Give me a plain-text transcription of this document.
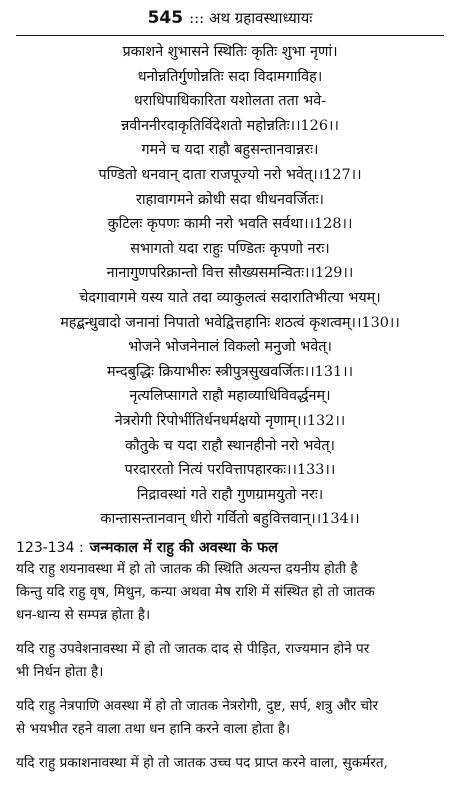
545 ::: अथ ग्रहावस्थाध्यायः
प्रकाशने शुभासने स्थितिः कृतिः शुभा नृणां।
धनोन्नतिर्गुणोन्नतिः सदा विदामगाविह।
धराधिपाधिकारिता यशोलता तता भवे-
न्नवीननीरदाकृतिर्विदेशतो महोन्नतिः।।126।।
गमने च यदा राहौ बहुसन्तानवान्नरः।
पण्डितो धनवान् दाता राजपूज्यो नरो भवेत्।।127।।
राहावागमने क्रोधी सदा धीधनवर्जितः।
कुटिलः कृपणः कामी नरो भवति सर्वथा।।128।।
सभागतो यदा राहुः पण्डितः कृपणो नरः।
नानागुणपरिक्रान्तो वित्त सौख्यसमन्वितः।।129।।
चेदगावागमे यस्य याते तदा व्याकुलत्वं सदारातिभीत्या भयम्।
महद्बन्धुवादो जनानां निपातो भवेद्वित्तहानिः शठत्वं कृशत्वम्।।130।।
भोजने भोजनेनालं विकलो मनुजो भवेत्।
मन्दबुद्धिः क्रियाभीरुः स्त्रीपुत्रसुखवर्जितः।।131।।
नृत्यलिप्सागते राहौ महाव्याधिविवर्द्धनम्।
नेत्ररोगी रिपोर्भीतिर्धनधर्मक्षयो नृणाम्।।132।।
कौतुके च यदा राहौ स्थानहीनो नरो भवेत्।
परदाररतो नित्यं परवित्तापहारकः।।133।।
निद्रावस्थां गते राहौ गुणग्रामयुतो नरः।
कान्तासन्तानवान् धीरो गर्वितो बहुवित्तवान्।।134।।
123-134 : जन्मकाल में राहु की अवस्था के फल
यदि राहु शयनावस्था में हो तो जातक की स्थिति अत्यन्त दयनीय होती है
किन्तु यदि राहु वृष, मिथुन, कन्या अथवा मेष राशि में संस्थित हो तो जातक
धन-धान्य से सम्पन्न होता है।
यदि राहु उपवेशनावस्था में हो तो जातक दाद से पीड़ित, राज्यमान होने पर
भी निर्धन होता है।
यदि राहु नेत्रपाणि अवस्था में हो तो जातक नेत्ररोगी, दुष्ट, सर्प, शत्रु और चोर
से भयभीत रहने वाला तथा धन हानि करने वाला होता है।
यदि राहु प्रकाशनावस्था में हो तो जातक उच्च पद प्राप्त करने वाला, सुकर्मरत,
